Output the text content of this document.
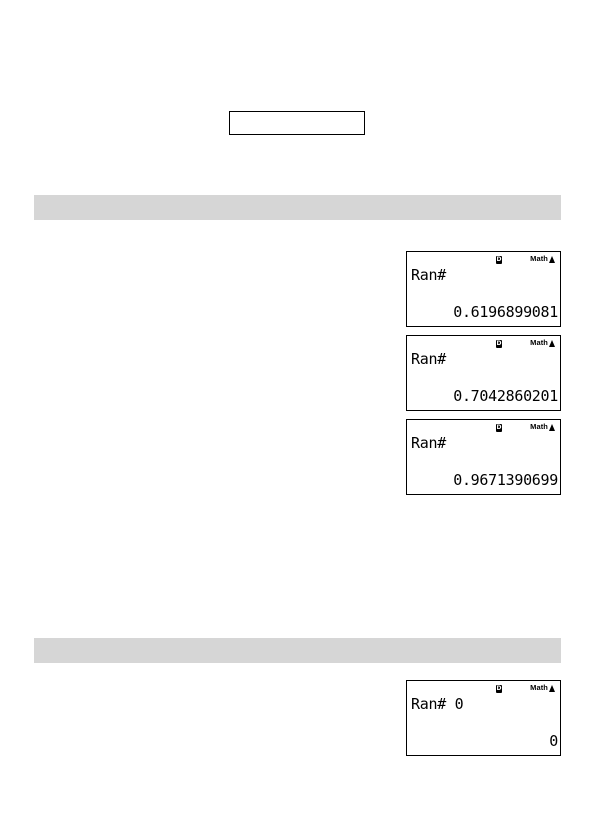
D	Math
Ran#
0.6196899081
D	Math
Ran#
0.7042860201
D	Math
Ran#
0.9671390699
D	Math
Ran# 0
0
